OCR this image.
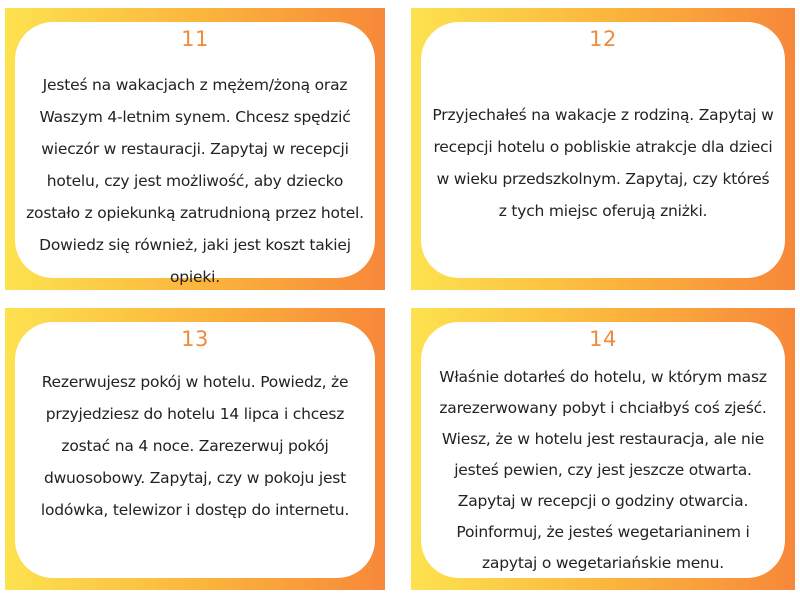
11
Jesteś na wakacjach z mężem/żoną oraz Waszym 4-letnim synem. Chcesz spędzić wieczór w restauracji. Zapytaj w recepcji hotelu, czy jest możliwość, aby dziecko zostało z opiekunką zatrudnioną przez hotel. Dowiedz się również, jaki jest koszt takiej opieki.
12
Przyjechałeś na wakacje z rodziną. Zapytaj w recepcji hotelu o pobliskie atrakcje dla dzieci w wieku przedszkolnym. Zapytaj, czy któreś z tych miejsc oferują zniżki.
13
Rezerwujesz pokój w hotelu. Powiedz, że przyjedziesz do hotelu 14 lipca i chcesz zostać na 4 noce. Zarezerwuj pokój dwuosobowy. Zapytaj, czy w pokoju jest lodówka, telewizor i dostęp do internetu.
14
Właśnie dotarłeś do hotelu, w którym masz zarezerwowany pobyt i chciałbyś coś zjeść. Wiesz, że w hotelu jest restauracja, ale nie jesteś pewien, czy jest jeszcze otwarta. Zapytaj w recepcji o godziny otwarcia. Poinformuj, że jesteś wegetarianinem i zapytaj o wegetariańskie menu.
